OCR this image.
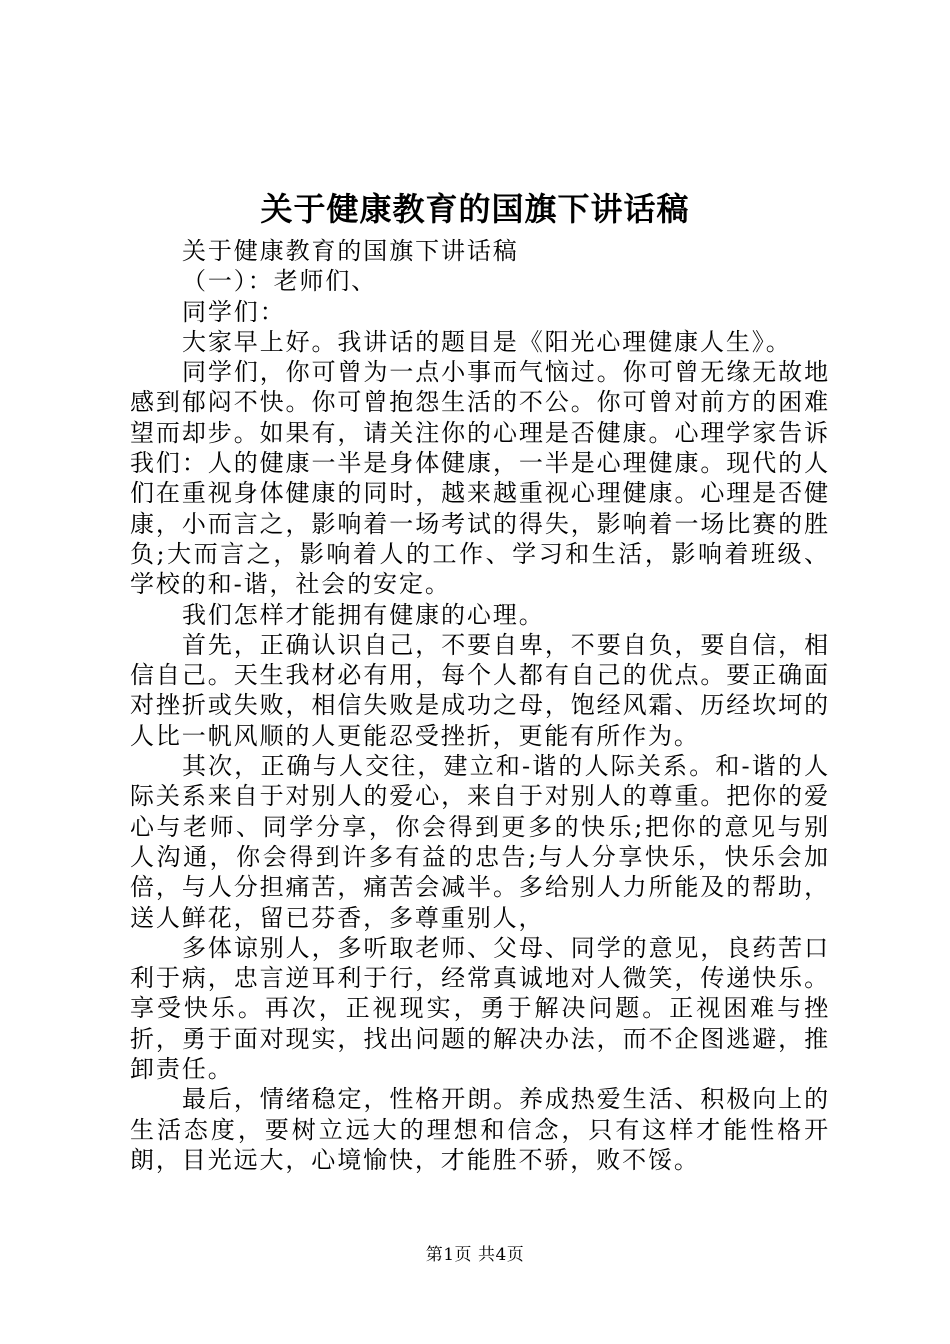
关于健康教育的国旗下讲话稿

关于健康教育的国旗下讲话稿

（一）：老师们、

同学们：

大家早上好。我讲话的题目是《阳光心理健康人生》。

同学们，你可曾为一点小事而气恼过。你可曾无缘无故地感到郁闷不快。你可曾抱怨生活的不公。你可曾对前方的困难望而却步。如果有，请关注你的心理是否健康。心理学家告诉我们：人的健康一半是身体健康，一半是心理健康。现代的人们在重视身体健康的同时，越来越重视心理健康。心理是否健康，小而言之，影响着一场考试的得失，影响着一场比赛的胜负;大而言之，影响着人的工作、学习和生活，影响着班级、学校的和-谐，社会的安定。

我们怎样才能拥有健康的心理。

首先，正确认识自己，不要自卑，不要自负，要自信，相信自己。天生我材必有用，每个人都有自己的优点。要正确面对挫折或失败，相信失败是成功之母，饱经风霜、历经坎坷的人比一帆风顺的人更能忍受挫折，更能有所作为。

其次，正确与人交往，建立和-谐的人际关系。和-谐的人际关系来自于对别人的爱心，来自于对别人的尊重。把你的爱心与老师、同学分享，你会得到更多的快乐;把你的意见与别人沟通，你会得到许多有益的忠告;与人分享快乐，快乐会加倍，与人分担痛苦，痛苦会减半。多给别人力所能及的帮助，送人鲜花，留已芬香，多尊重别人，

多体谅别人，多听取老师、父母、同学的意见，良药苦口利于病，忠言逆耳利于行，经常真诚地对人微笑，传递快乐。享受快乐。再次，正视现实，勇于解决问题。正视困难与挫折，勇于面对现实，找出问题的解决办法，而不企图逃避，推卸责任。

最后，情绪稳定，性格开朗。养成热爱生活、积极向上的生活态度，要树立远大的理想和信念，只有这样才能性格开朗，目光远大，心境愉快，才能胜不骄，败不馁。

第1页 共4页
